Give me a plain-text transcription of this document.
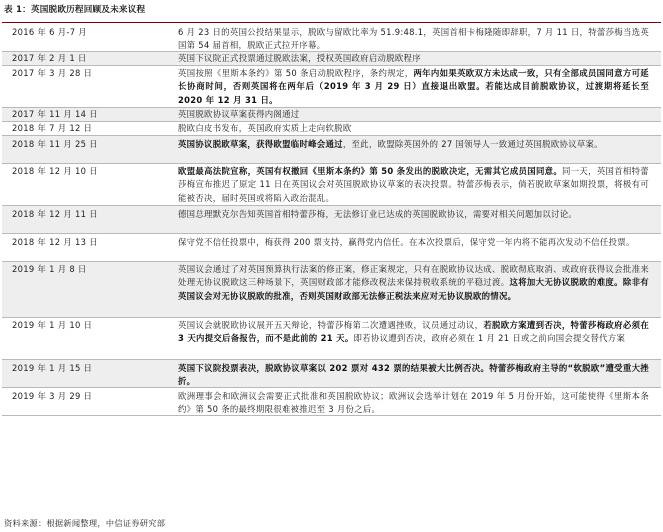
表 1：英国脱欧历程回顾及未来议程
2016 年 6 月-7 月	6 月 23 日的英国公投结果显示，脱欧与留欧比率为 51.9:48.1，英国首相卡梅隆随即辞职，7 月 11 日，特蕾莎梅当选英国第 54 届首相，脱欧正式拉开序幕。
2017 年 2 月 1 日	英国下议院正式投票通过脱欧法案，授权英国政府启动脱欧程序
2017 年 3 月 28 日	英国按照《里斯本条约》第 50 条启动脱欧程序，条约规定，两年内如果英欧双方未达成一致，只有全部成员国同意方可延长协商时间，否则英国将在两年后（2019 年 3 月 29 日）直接退出欧盟。若能达成目前脱欧协议，过渡期将延长至 2020 年 12 月 31 日。
2017 年 11 月 14 日	英国脱欧协议草案获得内阁通过
2018 年 7 月 12 日	脱欧白皮书发布，英国政府实质上走向软脱欧
2018 年 11 月 25 日	英国协议脱欧草案，获得欧盟临时峰会通过，至此，欧盟除英国外的 27 国领导人一致通过英国脱欧协议草案。
2018 年 12 月 10 日	欧盟最高法院宣称，英国有权撤回《里斯本条约》第 50 条发出的脱欧决定，无需其它成员国同意。同一天，英国首相特蕾莎梅宣布推迟了原定 11 日在英国议会对英国脱欧协议草案的表决投票。特蕾莎梅表示，倘若脱欧草案如期投票，将极有可能被否决，届时英国或将陷入政治混乱。
2018 年 12 月 11 日	德国总理默克尔告知英国首相特蕾莎梅，无法修订业已达成的英国脱欧协议，需要对相关问题加以讨论。
2018 年 12 月 13 日	保守党不信任投票中，梅获得 200 票支持，赢得党内信任。在本次投票后，保守党一年内将不能再次发动不信任投票。
2019 年 1 月 8 日	英国议会通过了对英国预算执行法案的修正案，修正案规定，只有在脱欧协议达成、脱欧彻底取消、或政府获得议会批准来处理无协议脱欧这三种场景下，英国财政部才能修改税法来保持税收系统的平稳过渡。这将加大无协议脱欧的难度。除非有英国议会对无协议脱欧的批准，否则英国财政部无法修正税法来应对无协议脱欧的情况。
2019 年 1 月 10 日	英国议会就脱欧协议展开五天辩论，特蕾莎梅第二次遭遇挫败，议员通过动议，若脱欧方案遭到否决，特蕾莎梅政府必须在 3 天内提交后备报告，而不是此前的 21 天。即若协议遭到否决，政府必须在 1 月 21 日或之前向国会提交替代方案
2019 年 1 月 15 日	英国下议院投票表决，脱欧协议草案以 202 票对 432 票的结果被大比例否决。特蕾莎梅政府主导的“软脱欧”遭受重大挫折。
2019 年 3 月 29 日	欧洲理事会和欧洲议会需要正式批准和英国脱欧协议；欧洲议会选举计划在 2019 年 5 月份开始，这可能使得《里斯本条约》第 50 条的最终期限很难被推迟至 3 月份之后。
资料来源：根据新闻整理，中信证券研究部
